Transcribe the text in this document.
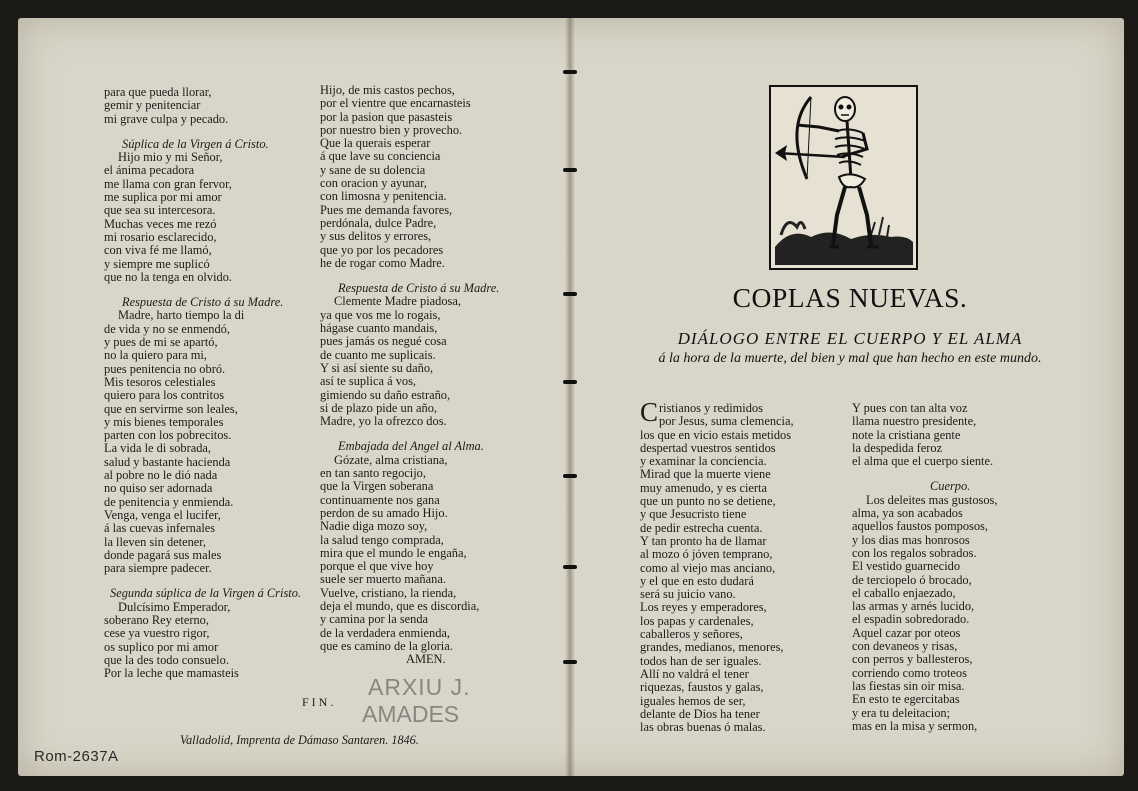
para que pueda llorar,
gemir y penitenciar
mi grave culpa y pecado.
Súplica de la Virgen á Cristo.
Hijo mio y mi Señor,
el ánima pecadora
me llama con gran fervor,
me suplica por mi amor
que sea su intercesora.
Muchas veces me rezó
mi rosario esclarecido,
con viva fé me llamó,
y siempre me suplicó
que no la tenga en olvido.
Respuesta de Cristo á su Madre.
Madre, harto tiempo la di
de vida y no se enmendó,
y pues de mi se apartó,
no la quiero para mi,
pues penitencia no obró.
Mis tesoros celestiales
quiero para los contritos
que en servirme son leales,
y mis bienes temporales
parten con los pobrecitos.
La vida le di sobrada,
salud y bastante hacienda
al pobre no le dió nada
no quiso ser adornada
de penitencia y enmienda.
Venga, venga el lucifer,
á las cuevas infernales
la lleven sin detener,
donde pagará sus males
para siempre padecer.
Segunda súplica de la Virgen á Cristo.
Dulcísimo Emperador,
soberano Rey eterno,
cese ya vuestro rigor,
os suplico por mi amor
que la des todo consuelo.
Por la leche que mamasteis
Hijo, de mis castos pechos,
por el vientre que encarnasteis
por la pasion que pasasteis
por nuestro bien y provecho.
Que la querais esperar
á que lave su conciencia
y sane de su dolencia
con oracion y ayunar,
con limosna y penitencia.
Pues me demanda favores,
perdónala, dulce Padre,
y sus delitos y errores,
que yo por los pecadores
he de rogar como Madre.
Respuesta de Cristo á su Madre.
Clemente Madre piadosa,
ya que vos me lo rogais,
hágase cuanto mandais,
pues jamás os negué cosa
de cuanto me suplicais.
Y si así siente su daño,
así te suplica á vos,
gimiendo su daño estraño,
si de plazo pide un año,
Madre, yo la ofrezco dos.
Embajada del Angel al Alma.
Gózate, alma cristiana,
en tan santo regocijo,
que la Virgen soberana
continuamente nos gana
perdon de su amado Hijo.
Nadie diga mozo soy,
la salud tengo comprada,
mira que el mundo le engaña,
porque el que vive hoy
suele ser muerto mañana.
Vuelve, cristiano, la rienda,
deja el mundo, que es discordia,
y camina por la senda
de la verdadera enmienda,
que es camino de la gloria.
AMEN.
FIN.
ARXIU J.
AMADES
Valladolid, Imprenta de Dámaso Santaren. 1846.
Rom-2637A
COPLAS NUEVAS.
DIÁLOGO ENTRE EL CUERPO Y EL ALMA
á la hora de la muerte, del bien y mal que han hecho en este mundo.
Cristianos y redimidos
por Jesus, suma clemencia,
los que en vicio estais metidos
despertad vuestros sentidos
y examinar la conciencia.
Mirad que la muerte viene
muy amenudo, y es cierta
que un punto no se detiene,
y que Jesucristo tiene
de pedir estrecha cuenta.
Y tan pronto ha de llamar
al mozo ó jóven temprano,
como al viejo mas anciano,
y el que en esto dudará
será su juicio vano.
Los reyes y emperadores,
los papas y cardenales,
caballeros y señores,
grandes, medianos, menores,
todos han de ser iguales.
Allí no valdrá el tener
riquezas, faustos y galas,
iguales hemos de ser,
delante de Dios ha tener
las obras buenas ó malas.
Y pues con tan alta voz
llama nuestro presidente,
note la cristiana gente
la despedida feroz
el alma que el cuerpo siente.
Cuerpo.
Los deleites mas gustosos,
alma, ya son acabados
aquellos faustos pomposos,
y los dias mas honrosos
con los regalos sobrados.
El vestido guarnecido
de terciopelo ó brocado,
el caballo enjaezado,
las armas y arnés lucido,
el espadin sobredorado.
Aquel cazar por oteos
con devaneos y risas,
con perros y ballesteros,
corriendo como troteos
las fiestas sin oir misa.
En esto te egercitabas
y era tu deleitacion;
mas en la misa y sermon,
